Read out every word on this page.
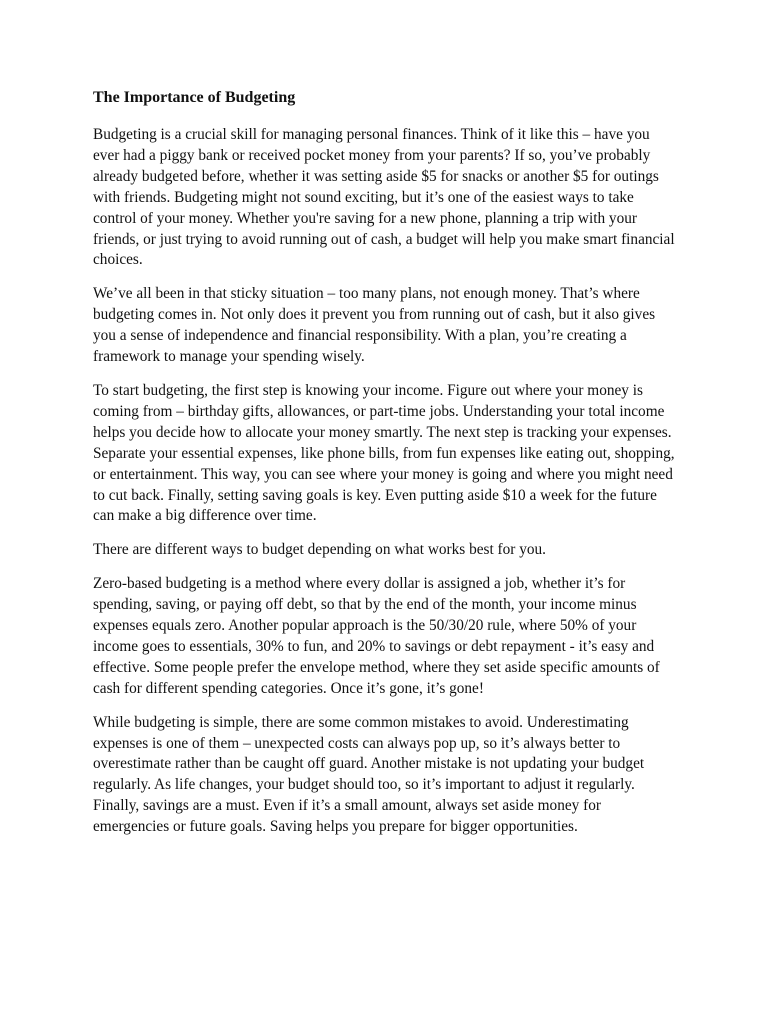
The Importance of Budgeting

Budgeting is a crucial skill for managing personal finances. Think of it like this – have you ever had a piggy bank or received pocket money from your parents? If so, you’ve probably already budgeted before, whether it was setting aside $5 for snacks or another $5 for outings with friends. Budgeting might not sound exciting, but it’s one of the easiest ways to take control of your money. Whether you're saving for a new phone, planning a trip with your friends, or just trying to avoid running out of cash, a budget will help you make smart financial choices.

We’ve all been in that sticky situation – too many plans, not enough money. That’s where budgeting comes in. Not only does it prevent you from running out of cash, but it also gives you a sense of independence and financial responsibility. With a plan, you’re creating a framework to manage your spending wisely.

To start budgeting, the first step is knowing your income. Figure out where your money is coming from – birthday gifts, allowances, or part-time jobs. Understanding your total income helps you decide how to allocate your money smartly. The next step is tracking your expenses. Separate your essential expenses, like phone bills, from fun expenses like eating out, shopping, or entertainment. This way, you can see where your money is going and where you might need to cut back. Finally, setting saving goals is key. Even putting aside $10 a week for the future can make a big difference over time.

There are different ways to budget depending on what works best for you.

Zero-based budgeting is a method where every dollar is assigned a job, whether it’s for spending, saving, or paying off debt, so that by the end of the month, your income minus expenses equals zero. Another popular approach is the 50/30/20 rule, where 50% of your income goes to essentials, 30% to fun, and 20% to savings or debt repayment - it’s easy and effective. Some people prefer the envelope method, where they set aside specific amounts of cash for different spending categories. Once it’s gone, it’s gone!

While budgeting is simple, there are some common mistakes to avoid. Underestimating expenses is one of them – unexpected costs can always pop up, so it’s always better to overestimate rather than be caught off guard. Another mistake is not updating your budget regularly. As life changes, your budget should too, so it’s important to adjust it regularly. Finally, savings are a must. Even if it’s a small amount, always set aside money for emergencies or future goals. Saving helps you prepare for bigger opportunities.
